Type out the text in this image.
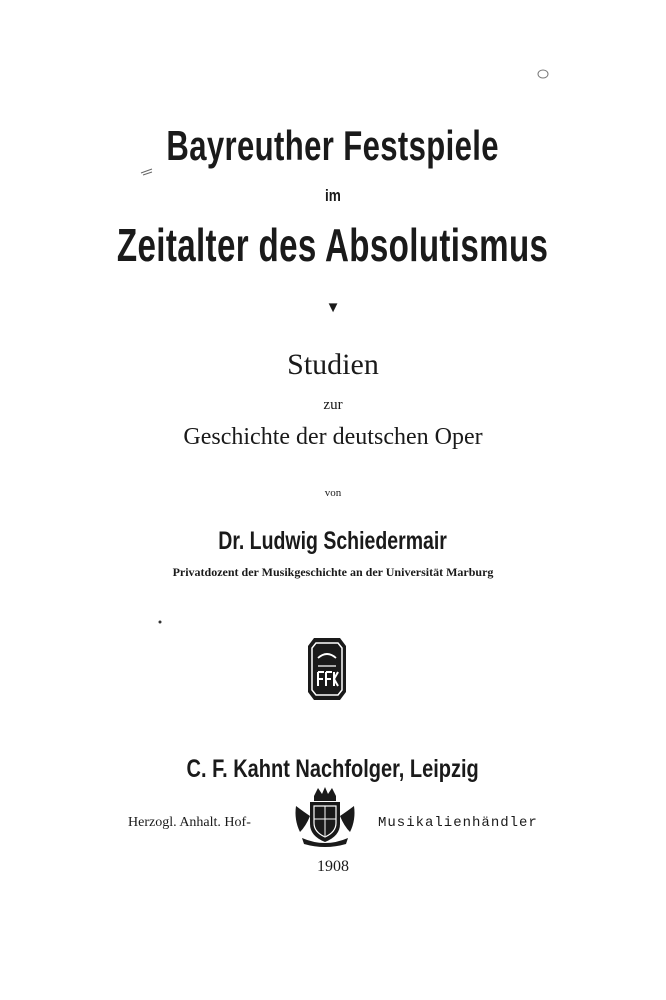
Bayreuther Festspiele
im
Zeitalter des Absolutismus
▼
Studien
zur
Geschichte der deutschen Oper
von
Dr. Ludwig Schiedermair
Privatdozent der Musikgeschichte an der Universität Marburg
C. F. Kahnt Nachfolger, Leipzig
Herzogl. Anhalt. Hof-	Musikalienhändler
1908
